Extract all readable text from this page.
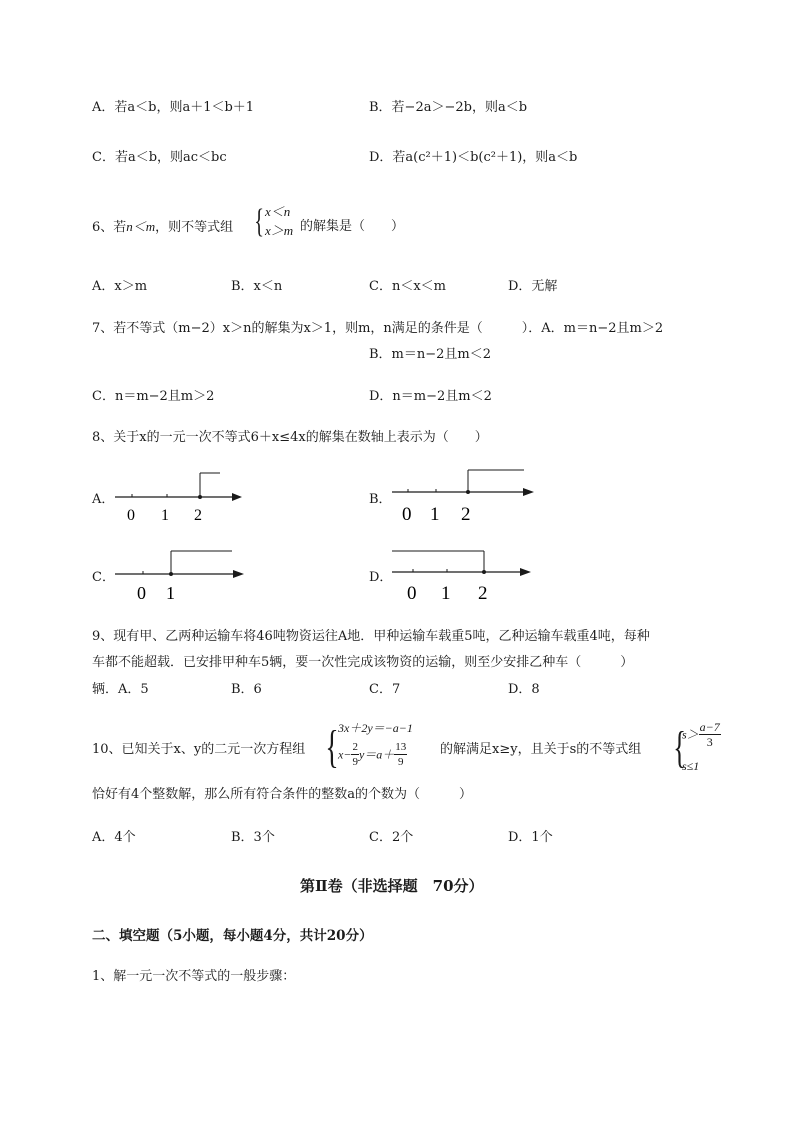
A．若a＜b，则a＋1＜b＋1	B．若−2a＞−2b，则a＜b
C．若a＜b，则ac＜bc	D．若a(c²＋1)＜b(c²＋1)，则a＜b
6、若n＜m，则不等式组 { x＜n
x＞m 的解集是（　　）
A．x＞m	B．x＜n	C．n＜x＜m	D．无解
7、若不等式（m−2）x＞n的解集为x＞1，则m，n满足的条件是（　　　）．A．m＝n−2且m＞2
B．m＝n−2且m＜2
C．n＝m−2且m＞2	D．n＝m−2且m＜2
8、关于x的一元一次不等式6＋x≤4x的解集在数轴上表示为（　　）
A．
0 1 2
B．
0 1 2
C．
0 1
D．
0 1 2
9、现有甲、乙两种运输车将46吨物资运往A地．甲种运输车载重5吨，乙种运输车载重4吨，每种
车都不能超载．已安排甲种车5辆，要一次性完成该物资的运输，则至少安排乙种车（　　　）
辆．A．5	B．6	C．7	D．8
10、已知关于x、y的二元一次方程组 { 3x＋2y＝−a−1
$x- \frac{2}{9} y=a+ \frac{13}{9}$	的解满足x≥y，且关于s的不等式组 {
$s> \frac{a-7}{3}$
s≤1
恰好有4个整数解，那么所有符合条件的整数a的个数为（　　　）
A．4个	B．3个	C．2个	D．1个
第Ⅱ卷（非选择题　70分）
二、填空题（5小题，每小题4分，共计20分）
1、解一元一次不等式的一般步骤：
